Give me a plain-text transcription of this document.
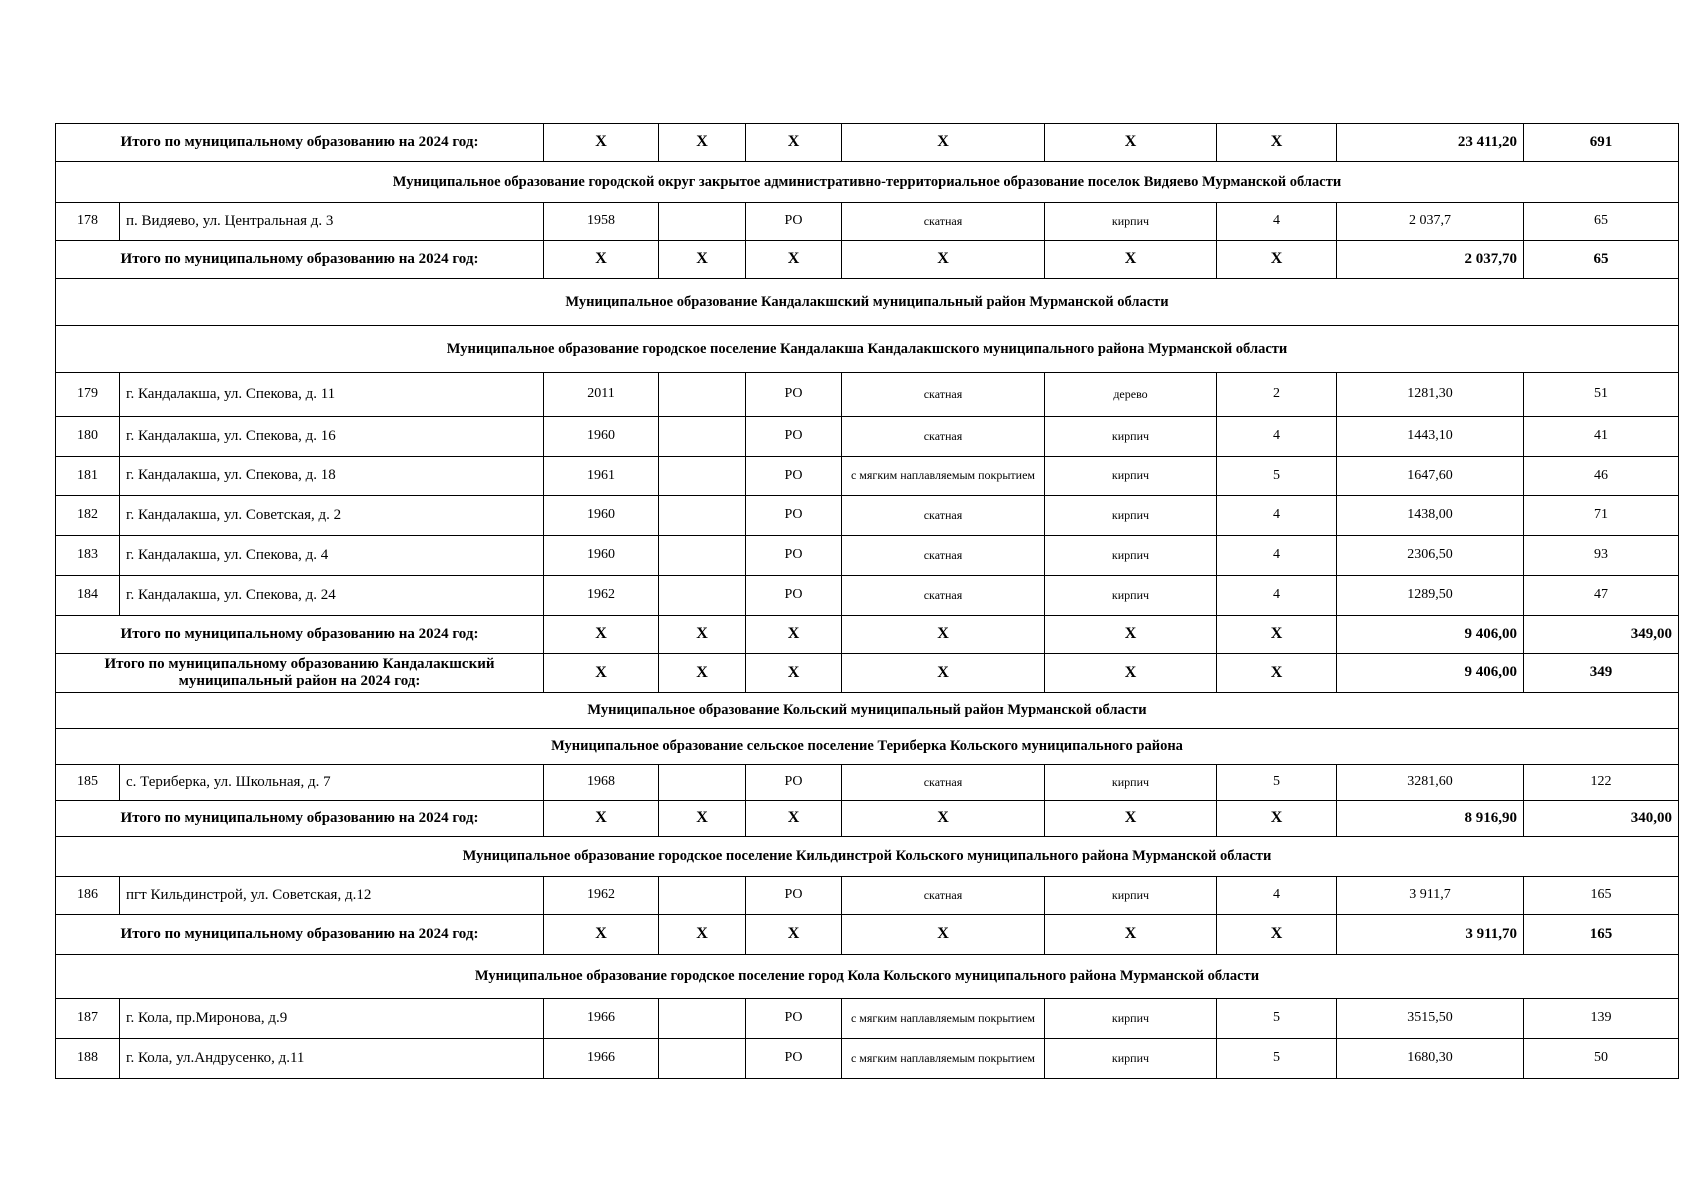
Итого по муниципальному образованию на 2024 год:		X	X	X	X	X	X	23 411,20	691
Муниципальное образование городской округ закрытое административно-территориальное образование поселок Видяево Мурманской области									
178	п. Видяево, ул. Центральная д. 3	1958		РО	скатная	кирпич	4	2 037,7	65
Итого по муниципальному образованию на 2024 год:		X	X	X	X	X	X	2 037,70	65
Муниципальное образование Кандалакшский муниципальный район Мурманской области									
Муниципальное образование городское поселение Кандалакша Кандалакшского муниципального района Мурманской области									
179	г. Кандалакша, ул. Спекова, д. 11	2011		РО	скатная	дерево	2	1281,30	51
180	г. Кандалакша, ул. Спекова, д. 16	1960		РО	скатная	кирпич	4	1443,10	41
181	г. Кандалакша, ул. Спекова, д. 18	1961		РО	с мягким наплавляемым покрытием	кирпич	5	1647,60	46
182	г. Кандалакша, ул. Советская, д. 2	1960		РО	скатная	кирпич	4	1438,00	71
183	г. Кандалакша, ул. Спекова, д. 4	1960		РО	скатная	кирпич	4	2306,50	93
184	г. Кандалакша, ул. Спекова, д. 24	1962		РО	скатная	кирпич	4	1289,50	47
Итого по муниципальному образованию на 2024 год:		X	X	X	X	X	X	9 406,00	349,00
Итого по муниципальному образованию Кандалакшский муниципальный район на 2024 год:		X	X	X	X	X	X	9 406,00	349
Муниципальное образование Кольский муниципальный район Мурманской области									
Муниципальное образование сельское поселение Териберка Кольского муниципального района									
185	с. Териберка, ул. Школьная, д. 7	1968		РО	скатная	кирпич	5	3281,60	122
Итого по муниципальному образованию на 2024 год:		X	X	X	X	X	X	8 916,90	340,00
Муниципальное образование городское поселение Кильдинстрой Кольского муниципального района Мурманской области									
186	пгт Кильдинстрой, ул. Советская, д.12	1962		РО	скатная	кирпич	4	3 911,7	165
Итого по муниципальному образованию на 2024 год:		X	X	X	X	X	X	3 911,70	165
Муниципальное образование городское поселение город Кола Кольского муниципального района Мурманской области									
187	г. Кола, пр.Миронова, д.9	1966		РО	с мягким наплавляемым покрытием	кирпич	5	3515,50	139
188	г. Кола, ул.Андрусенко, д.11	1966		РО	с мягким наплавляемым покрытием	кирпич	5	1680,30	50
